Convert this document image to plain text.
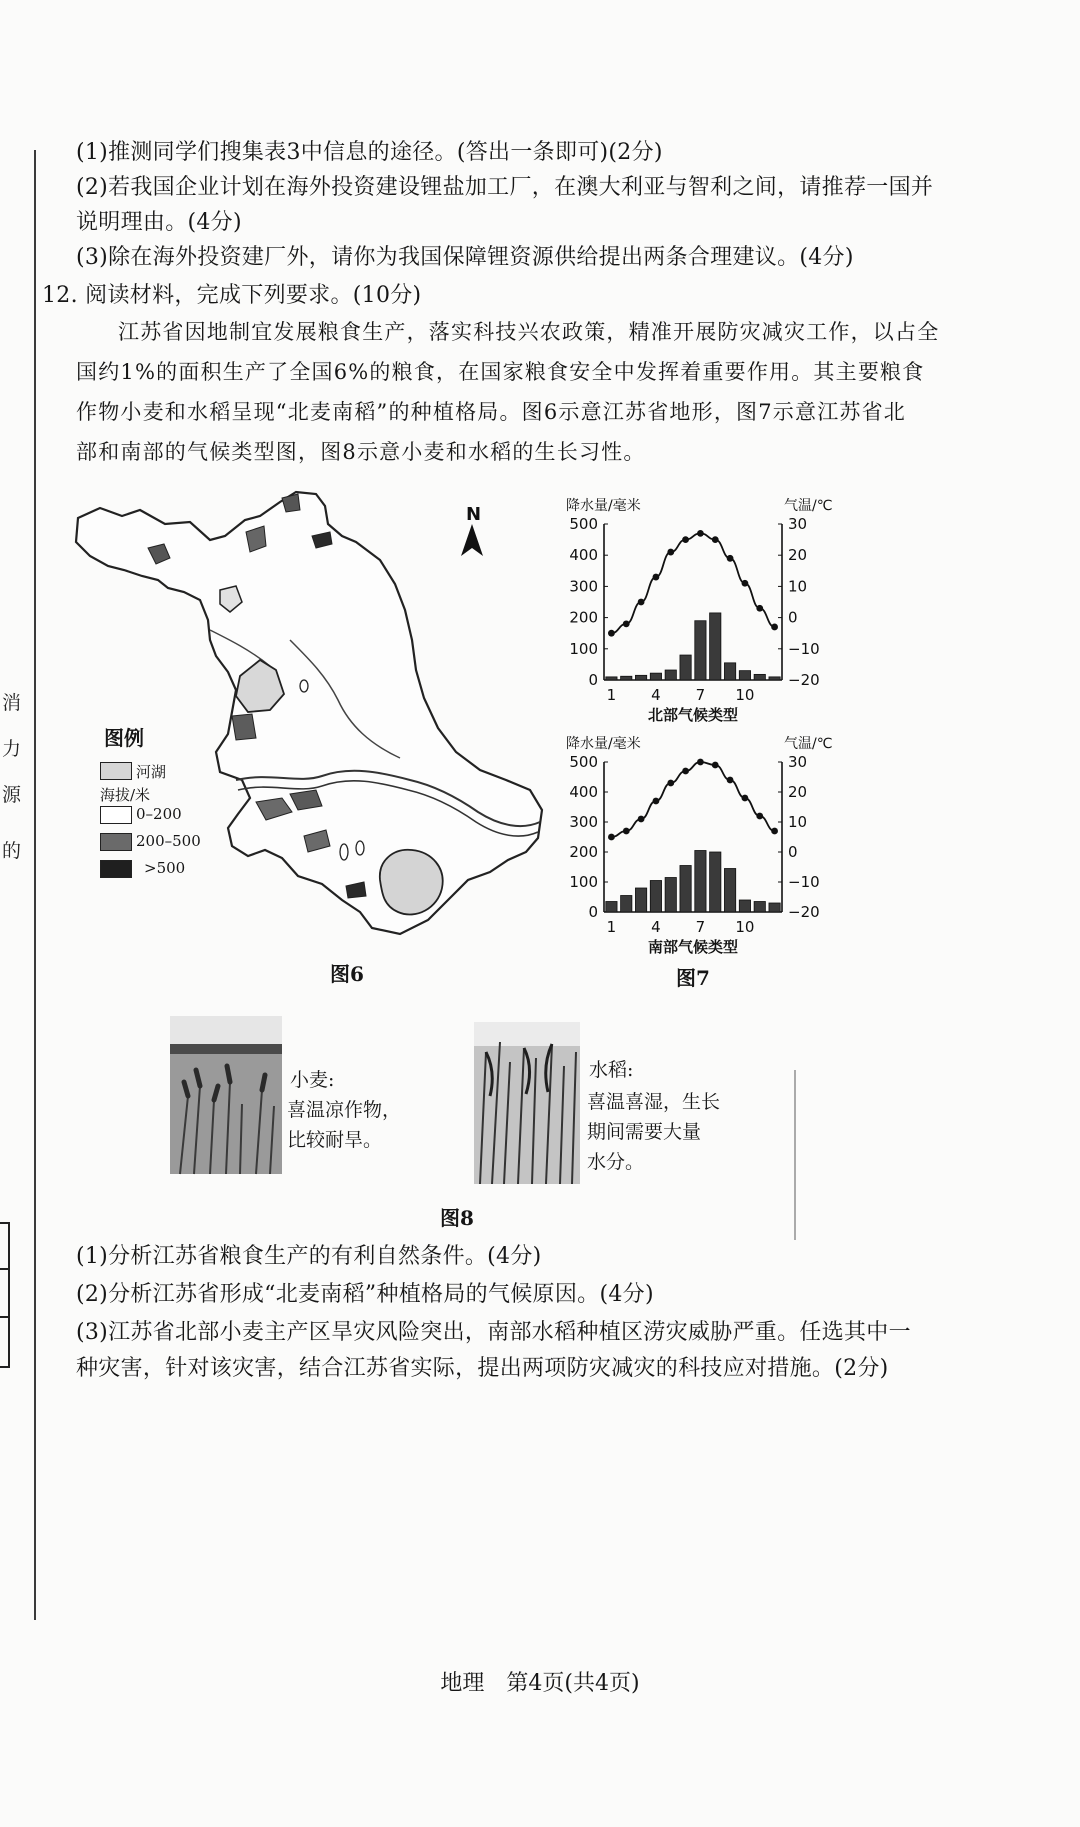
消
力
源
的
(1)推测同学们搜集表3中信息的途径。(答出一条即可)(2分)
(2)若我国企业计划在海外投资建设锂盐加工厂，在澳大利亚与智利之间，请推荐一国并
说明理由。(4分)
(3)除在海外投资建厂外，请你为我国保障锂资源供给提出两条合理建议。(4分)
12. 阅读材料，完成下列要求。(10分)
江苏省因地制宜发展粮食生产，落实科技兴农政策，精准开展防灾减灾工作，以占全
国约1%的面积生产了全国6%的粮食，在国家粮食安全中发挥着重要作用。其主要粮食
作物小麦和水稻呈现“北麦南稻”的种植格局。图6示意江苏省地形，图7示意江苏省北
部和南部的气候类型图，图8示意小麦和水稻的生长习性。
N
图例
河湖
海拔/米
0–200
200–500
>500
图6
降水量/毫米	气温/℃
500
400
300
200
100
0
30
20
10
0
−10
−20
1 4 7 10
北部气候类型
降水量/毫米	气温/℃
500
400
300
200
100
0
30
20
10
0
−10
−20
1 4 7 10
南部气候类型
图7
小麦:
喜温凉作物，
比较耐旱。
水稻:
喜温喜湿，生长
期间需要大量
水分。
图8
(1)分析江苏省粮食生产的有利自然条件。(4分)
(2)分析江苏省形成“北麦南稻”种植格局的气候原因。(4分)
(3)江苏省北部小麦主产区旱灾风险突出，南部水稻种植区涝灾威胁严重。任选其中一
种灾害，针对该灾害，结合江苏省实际，提出两项防灾减灾的科技应对措施。(2分)
地理　第4页(共4页)
